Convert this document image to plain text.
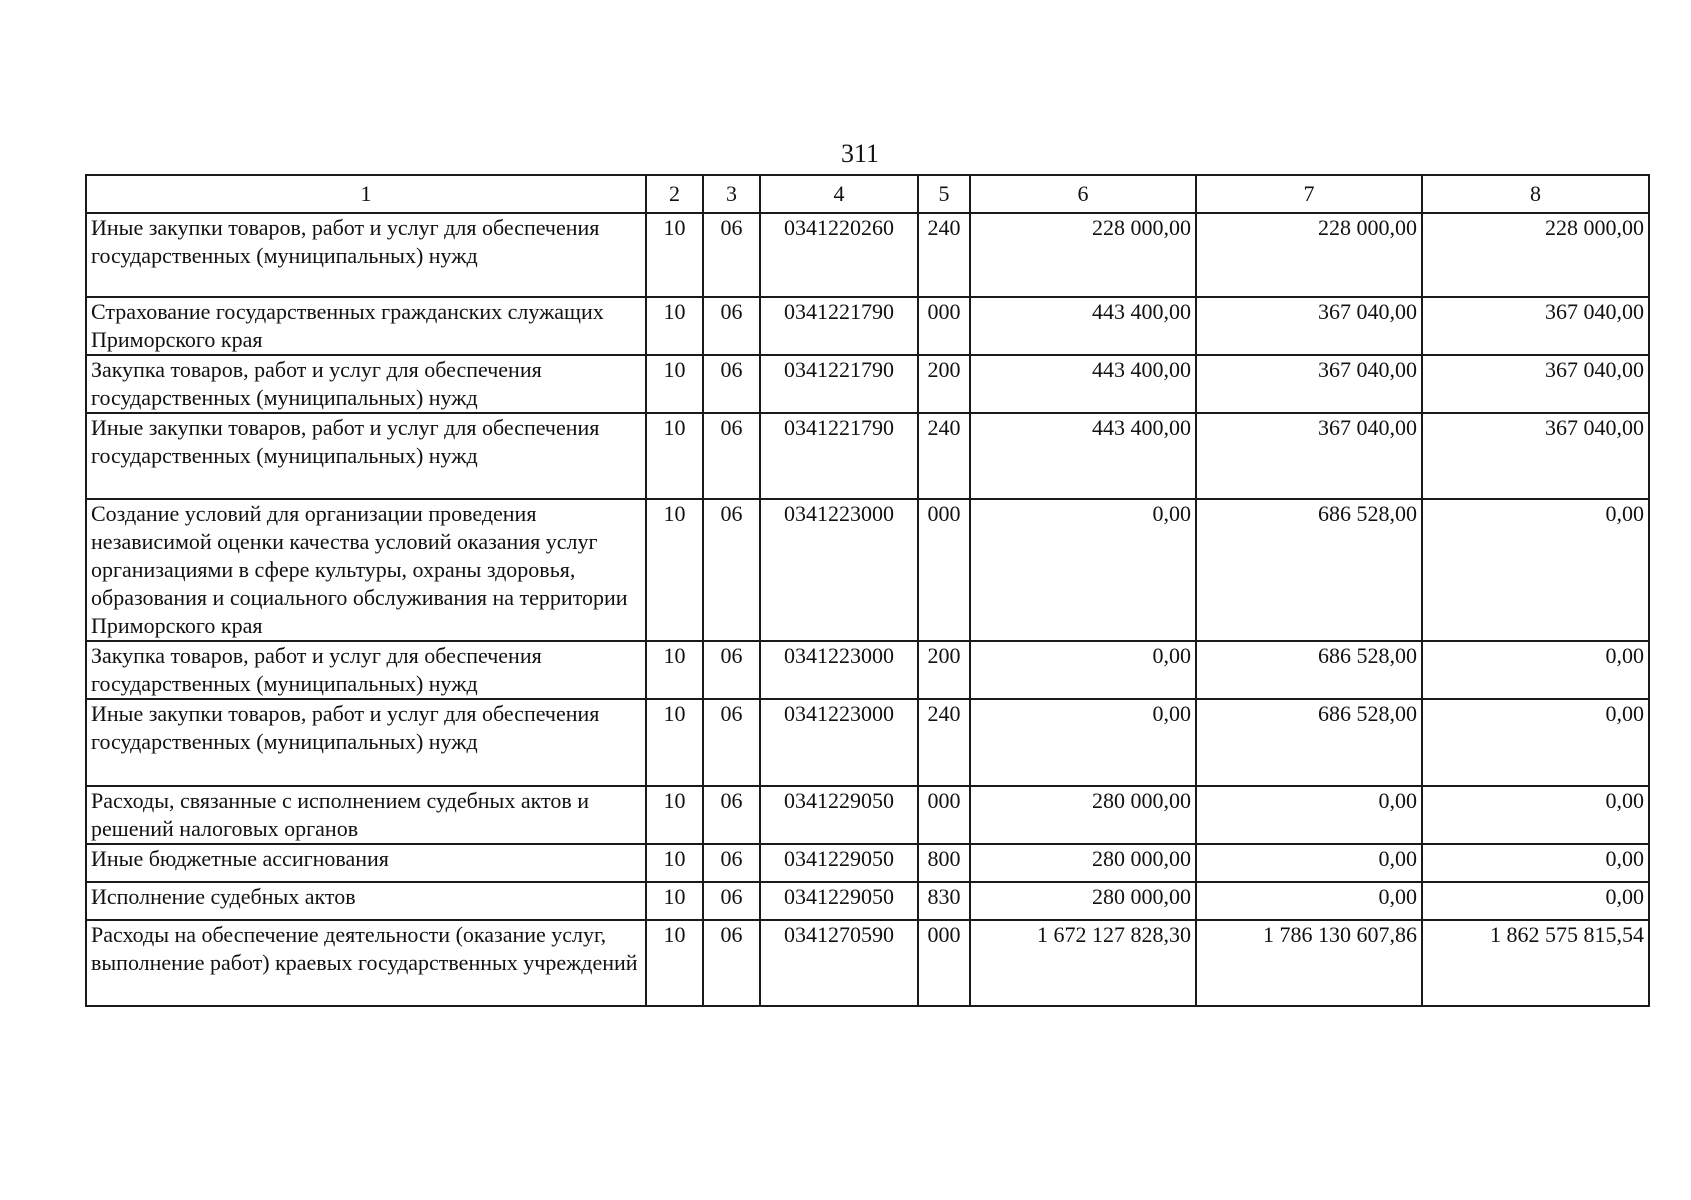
311
1	2	3	4	5	6	7	8
Иные закупки товаров, работ и услуг для обеспечения государственных (муниципальных) нужд	10	06	0341220260	240	228 000,00	228 000,00	228 000,00
Страхование государственных гражданских служащих Приморского края	10	06	0341221790	000	443 400,00	367 040,00	367 040,00
Закупка товаров, работ и услуг для обеспечения государственных (муниципальных) нужд	10	06	0341221790	200	443 400,00	367 040,00	367 040,00
Иные закупки товаров, работ и услуг для обеспечения государственных (муниципальных) нужд	10	06	0341221790	240	443 400,00	367 040,00	367 040,00
Создание условий для организации проведения независимой оценки качества условий оказания услуг организациями в сфере культуры, охраны здоровья, образования и социального обслуживания на территории Приморского края	10	06	0341223000	000	0,00	686 528,00	0,00
Закупка товаров, работ и услуг для обеспечения государственных (муниципальных) нужд	10	06	0341223000	200	0,00	686 528,00	0,00
Иные закупки товаров, работ и услуг для обеспечения государственных (муниципальных) нужд	10	06	0341223000	240	0,00	686 528,00	0,00
Расходы, связанные с исполнением судебных актов и решений налоговых органов	10	06	0341229050	000	280 000,00	0,00	0,00
Иные бюджетные ассигнования	10	06	0341229050	800	280 000,00	0,00	0,00
Исполнение судебных актов	10	06	0341229050	830	280 000,00	0,00	0,00
Расходы на обеспечение деятельности (оказание услуг, выполнение работ) краевых государственных учреждений	10	06	0341270590	000	1 672 127 828,30	1 786 130 607,86	1 862 575 815,54
